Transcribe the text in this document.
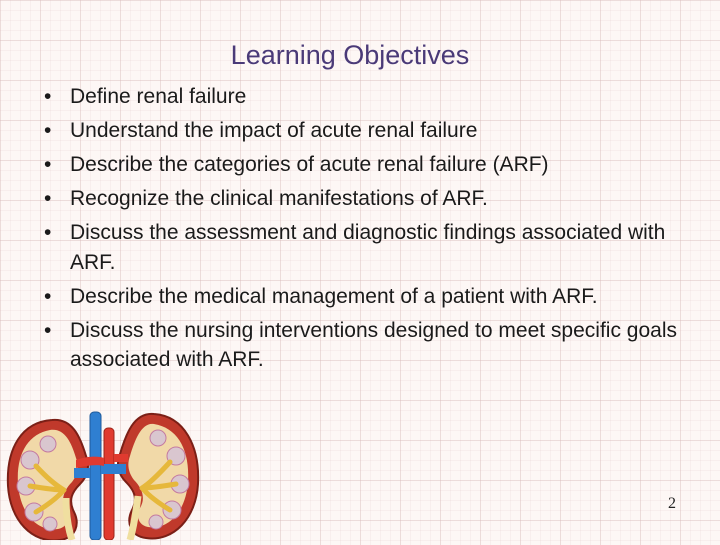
Learning Objectives
• Define renal failure
• Understand the impact of acute renal failure
• Describe the categories of acute renal failure (ARF)
• Recognize the clinical manifestations of ARF.
• Discuss the assessment and diagnostic findings associated with ARF.
• Describe the medical management of a patient with ARF.
• Discuss the nursing interventions designed to meet specific goals associated with ARF.
2
